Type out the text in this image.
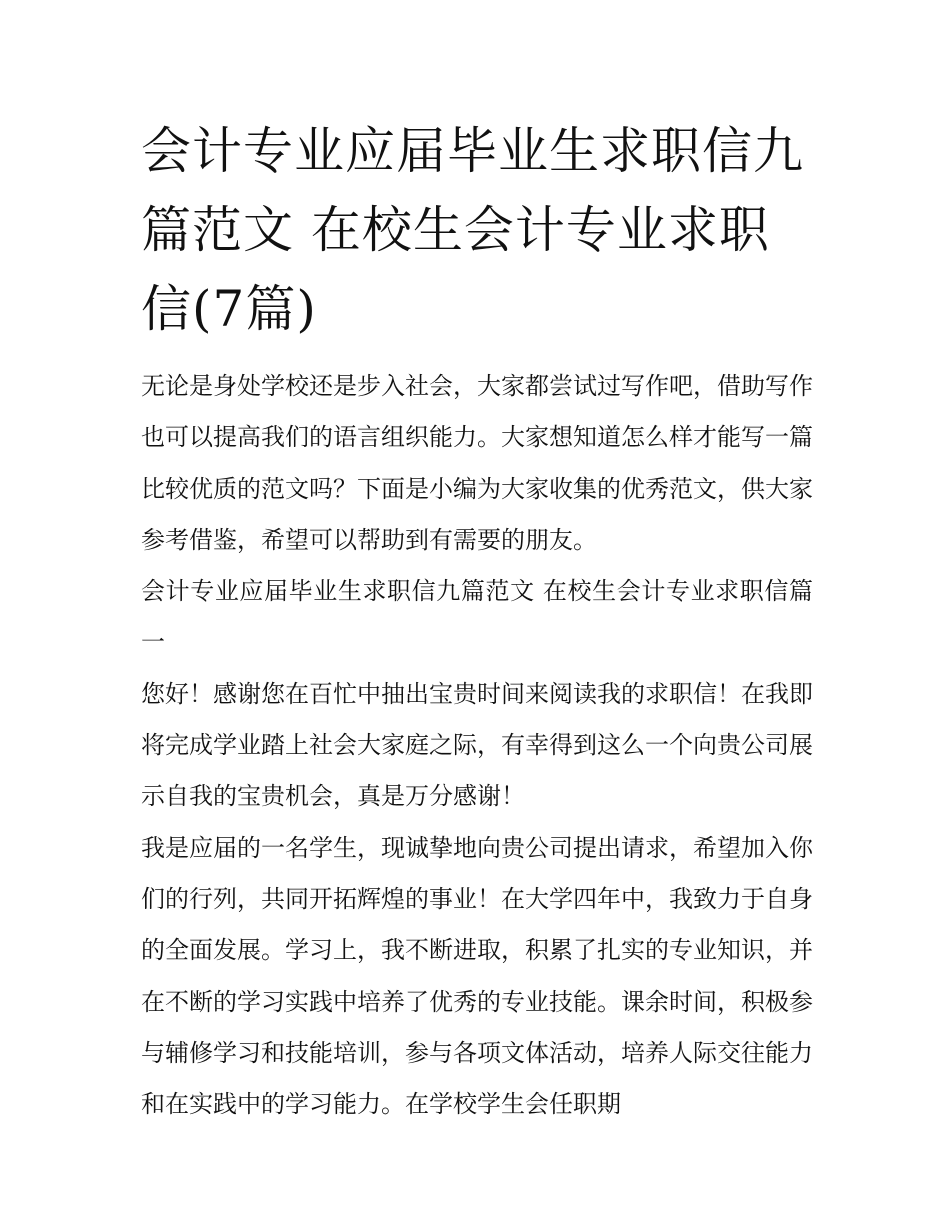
会计专业应届毕业生求职信九篇范文 在校生会计专业求职信(7篇)

无论是身处学校还是步入社会，大家都尝试过写作吧，借助写作也可以提高我们的语言组织能力。大家想知道怎么样才能写一篇比较优质的范文吗？下面是小编为大家收集的优秀范文，供大家参考借鉴，希望可以帮助到有需要的朋友。

会计专业应届毕业生求职信九篇范文 在校生会计专业求职信篇一

您好！感谢您在百忙中抽出宝贵时间来阅读我的求职信！在我即将完成学业踏上社会大家庭之际，有幸得到这么一个向贵公司展示自我的宝贵机会，真是万分感谢！

我是应届的一名学生，现诚挚地向贵公司提出请求，希望加入你们的行列，共同开拓辉煌的事业！在大学四年中，我致力于自身的全面发展。学习上，我不断进取，积累了扎实的专业知识，并在不断的学习实践中培养了优秀的专业技能。课余时间，积极参与辅修学习和技能培训，参与各项文体活动，培养人际交往能力和在实践中的学习能力。在学校学生会任职期
